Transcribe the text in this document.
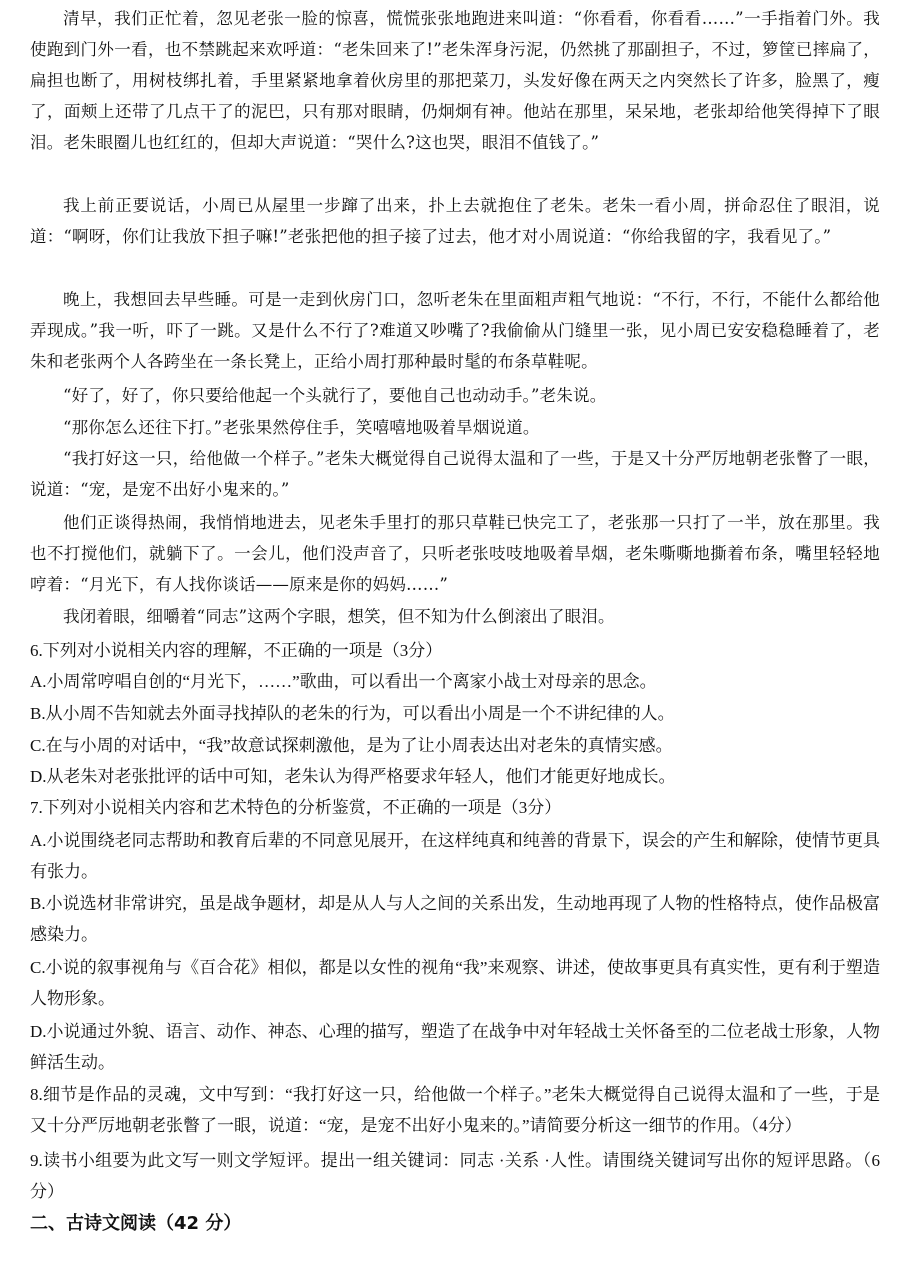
清早，我们正忙着，忽见老张一脸的惊喜，慌慌张张地跑进来叫道：“你看看，你看看……”一手指着门外。我使跑到门外一看，也不禁跳起来欢呼道：“老朱回来了!”老朱浑身污泥，仍然挑了那副担子，不过，箩筐已摔扁了，扁担也断了，用树枝绑扎着，手里紧紧地拿着伙房里的那把菜刀，头发好像在两天之内突然长了许多，脸黑了，瘦了，面颊上还带了几点干了的泥巴，只有那对眼睛，仍炯炯有神。他站在那里，呆呆地，老张却给他笑得掉下了眼泪。老朱眼圈儿也红红的，但却大声说道：“哭什么?这也哭，眼泪不值钱了。”

我上前正要说话，小周已从屋里一步蹿了出来，扑上去就抱住了老朱。老朱一看小周，拼命忍住了眼泪，说道：“啊呀，你们让我放下担子嘛!”老张把他的担子接了过去，他才对小周说道：“你给我留的字，我看见了。”

晚上，我想回去早些睡。可是一走到伙房门口，忽听老朱在里面粗声粗气地说：“不行，不行，不能什么都给他弄现成。”我一听，吓了一跳。又是什么不行了?难道又吵嘴了?我偷偷从门缝里一张，见小周已安安稳稳睡着了，老朱和老张两个人各跨坐在一条长凳上，正给小周打那种最时髦的布条草鞋呢。

“好了，好了，你只要给他起一个头就行了，要他自己也动动手。”老朱说。

“那你怎么还往下打。”老张果然停住手，笑嘻嘻地吸着旱烟说道。

“我打好这一只，给他做一个样子。”老朱大概觉得自己说得太温和了一些，于是又十分严厉地朝老张瞥了一眼，说道：“宠，是宠不出好小鬼来的。”

他们正谈得热闹，我悄悄地进去，见老朱手里打的那只草鞋已快完工了，老张那一只打了一半，放在那里。我也不打搅他们，就躺下了。一会儿，他们没声音了，只听老张吱吱地吸着旱烟，老朱嘶嘶地撕着布条，嘴里轻轻地哼着：“月光下，有人找你谈话——原来是你的妈妈……”

我闭着眼，细嚼着“同志”这两个字眼，想笑，但不知为什么倒滚出了眼泪。

6.下列对小说相关内容的理解，不正确的一项是（3分）

A.小周常哼唱自创的“月光下，……”歌曲，可以看出一个离家小战士对母亲的思念。

B.从小周不告知就去外面寻找掉队的老朱的行为，可以看出小周是一个不讲纪律的人。

C.在与小周的对话中，“我”故意试探刺激他，是为了让小周表达出对老朱的真情实感。

D.从老朱对老张批评的话中可知，老朱认为得严格要求年轻人，他们才能更好地成长。

7.下列对小说相关内容和艺术特色的分析鉴赏，不正确的一项是（3分）

A.小说围绕老同志帮助和教育后辈的不同意见展开，在这样纯真和纯善的背景下，误会的产生和解除，使情节更具有张力。

B.小说选材非常讲究，虽是战争题材，却是从人与人之间的关系出发，生动地再现了人物的性格特点，使作品极富感染力。

C.小说的叙事视角与《百合花》相似，都是以女性的视角“我”来观察、讲述，使故事更具有真实性，更有利于塑造人物形象。

D.小说通过外貌、语言、动作、神态、心理的描写，塑造了在战争中对年轻战士关怀备至的二位老战士形象，人物鲜活生动。

8.细节是作品的灵魂，文中写到：“我打好这一只，给他做一个样子。”老朱大概觉得自己说得太温和了一些，于是又十分严厉地朝老张瞥了一眼，说道：“宠，是宠不出好小鬼来的。”请简要分析这一细节的作用。（4分）

9.读书小组要为此文写一则文学短评。提出一组关键词：同志 ·关系 ·人性。请围绕关键词写出你的短评思路。（6分）

二、古诗文阅读（42 分）
